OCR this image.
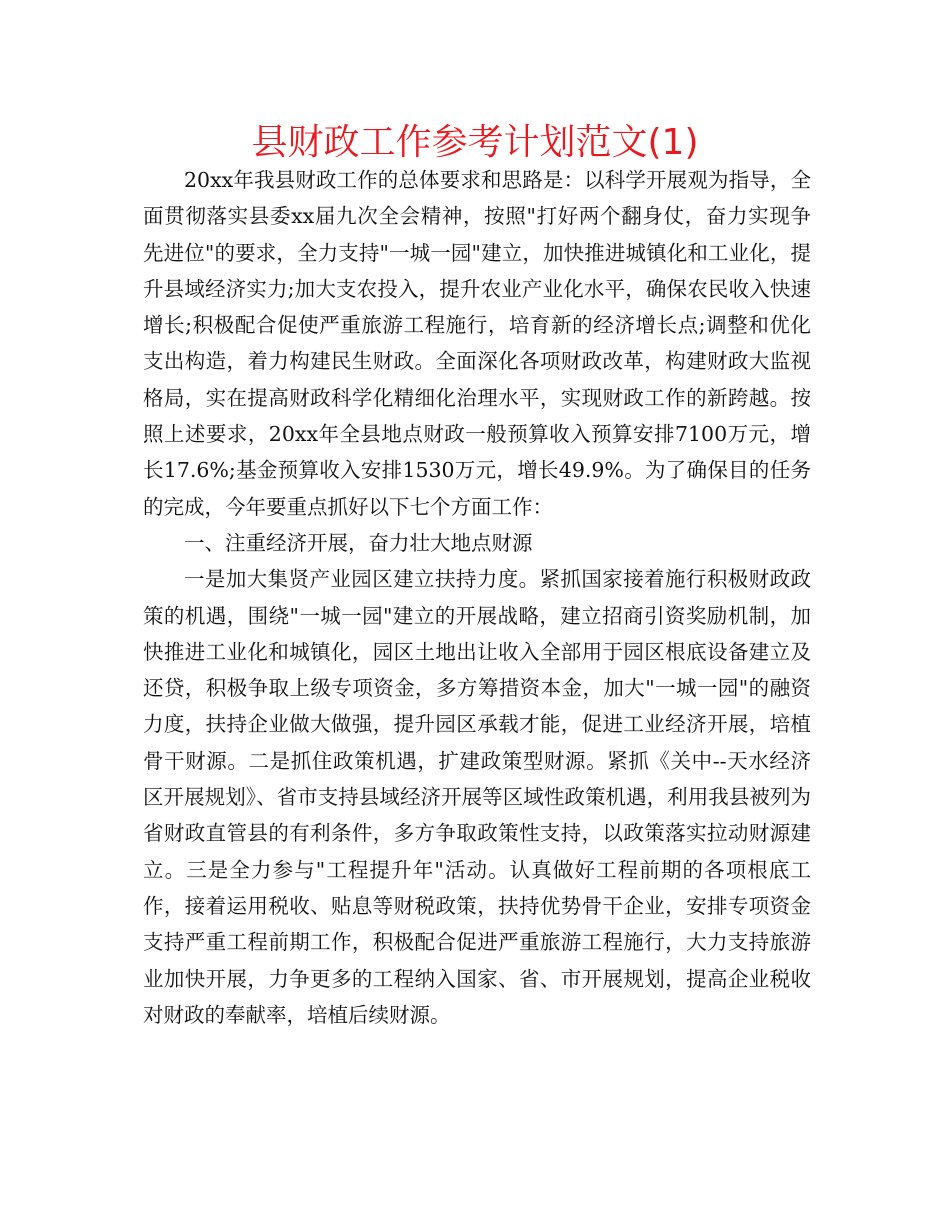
县财政工作参考计划范文(1)

20xx年我县财政工作的总体要求和思路是：以科学开展观为指导，全面贯彻落实县委xx届九次全会精神，按照"打好两个翻身仗，奋力实现争先进位"的要求，全力支持"一城一园"建立，加快推进城镇化和工业化，提升县域经济实力;加大支农投入，提升农业产业化水平，确保农民收入快速增长;积极配合促使严重旅游工程施行，培育新的经济增长点;调整和优化支出构造，着力构建民生财政。全面深化各项财政改革，构建财政大监视格局，实在提高财政科学化精细化治理水平，实现财政工作的新跨越。按照上述要求，20xx年全县地点财政一般预算收入预算安排7100万元，增长17.6%;基金预算收入安排1530万元，增长49.9%。为了确保目的任务的完成，今年要重点抓好以下七个方面工作：

一、注重经济开展，奋力壮大地点财源

一是加大集贤产业园区建立扶持力度。紧抓国家接着施行积极财政政策的机遇，围绕"一城一园"建立的开展战略，建立招商引资奖励机制，加快推进工业化和城镇化，园区土地出让收入全部用于园区根底设备建立及还贷，积极争取上级专项资金，多方筹措资本金，加大"一城一园"的融资力度，扶持企业做大做强，提升园区承载才能，促进工业经济开展，培植骨干财源。二是抓住政策机遇，扩建政策型财源。紧抓《关中--天水经济区开展规划》、省市支持县域经济开展等区域性政策机遇，利用我县被列为省财政直管县的有利条件，多方争取政策性支持，以政策落实拉动财源建立。三是全力参与"工程提升年"活动。认真做好工程前期的各项根底工作，接着运用税收、贴息等财税政策，扶持优势骨干企业，安排专项资金支持严重工程前期工作，积极配合促进严重旅游工程施行，大力支持旅游业加快开展，力争更多的工程纳入国家、省、市开展规划，提高企业税收对财政的奉献率，培植后续财源。
